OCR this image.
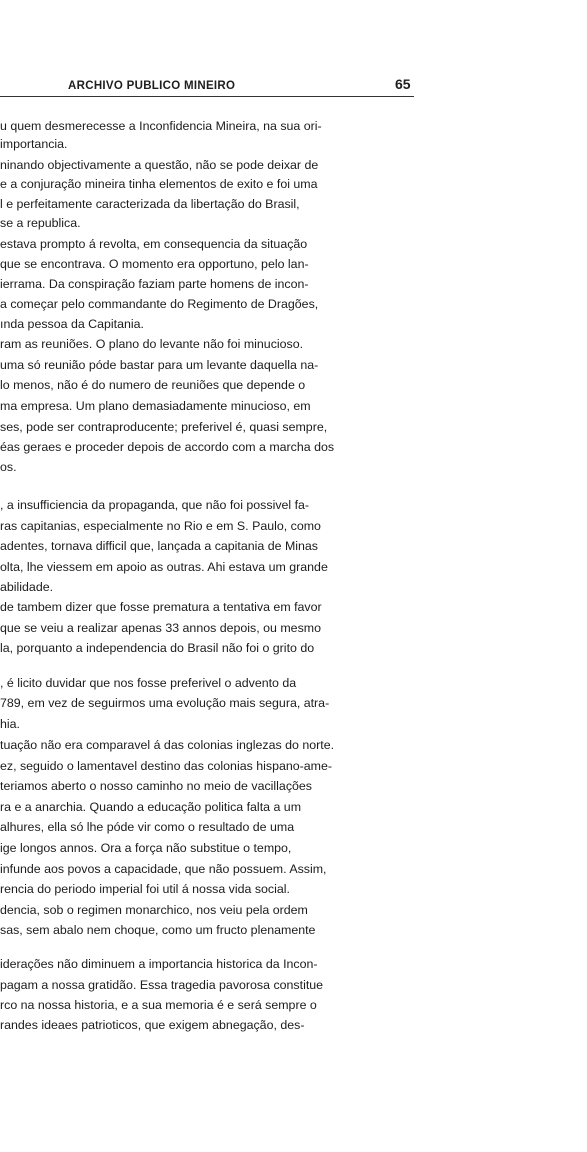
ARCHIVO PUBLICO MINEIRO	65
u quem desmerecesse a Inconfidencia Mineira, na sua ori-
importancia.
ninando objectivamente a questão, não se pode deixar de
e a conjuração mineira tinha elementos de exito e foi uma
l e perfeitamente caracterizada da libertação do Brasil,
se a republica.
estava prompto á revolta, em consequencia da situação
que se encontrava. O momento era opportuno, pelo lan-
ierrama. Da conspiração faziam parte homens de incon-
a começar pelo commandante do Regimento de Dragões,
ında pessoa da Capitania.
ram as reuniões. O plano do levante não foi minucioso.
uma só reunião póde bastar para um levante daquella na-
lo menos, não é do numero de reuniões que depende o
ma empresa. Um plano demasiadamente minucioso, em
ses, pode ser contraproducente; preferivel é, quasi sempre,
éas geraes e proceder depois de accordo com a marcha dos
os.
, a insufficiencia da propaganda, que não foi possivel fa-
ras capitanias, especialmente no Rio e em S. Paulo, como
adentes, tornava difficil que, lançada a capitania de Minas
olta, lhe viessem em apoio as outras. Ahi estava um grande
abilidade.
de tambem dizer que fosse prematura a tentativa em favor
que se veiu a realizar apenas 33 annos depois, ou mesmo
la, porquanto a independencia do Brasil não foi o grito do
, é licito duvidar que nos fosse preferivel o advento da
789, em vez de seguirmos uma evolução mais segura, atra-
hia.
tuação não era comparavel á das colonias inglezas do norte.
ez, seguido o lamentavel destino das colonias hispano-ame-
teriamos aberto o nosso caminho no meio de vacillações
ra e a anarchia. Quando a educação politica falta a um
alhures, ella só lhe póde vir como o resultado de uma
ige longos annos. Ora a força não substitue o tempo,
infunde aos povos a capacidade, que não possuem. Assim,
rencia do periodo imperial foi util á nossa vida social.
dencia, sob o regimen monarchico, nos veiu pela ordem
sas, sem abalo nem choque, como um fructo plenamente
iderações não diminuem a importancia historica da Incon-
pagam a nossa gratidão. Essa tragedia pavorosa constitue
rco na nossa historia, e a sua memoria é e será sempre o
randes ideaes patrioticos, que exigem abnegação, des-
